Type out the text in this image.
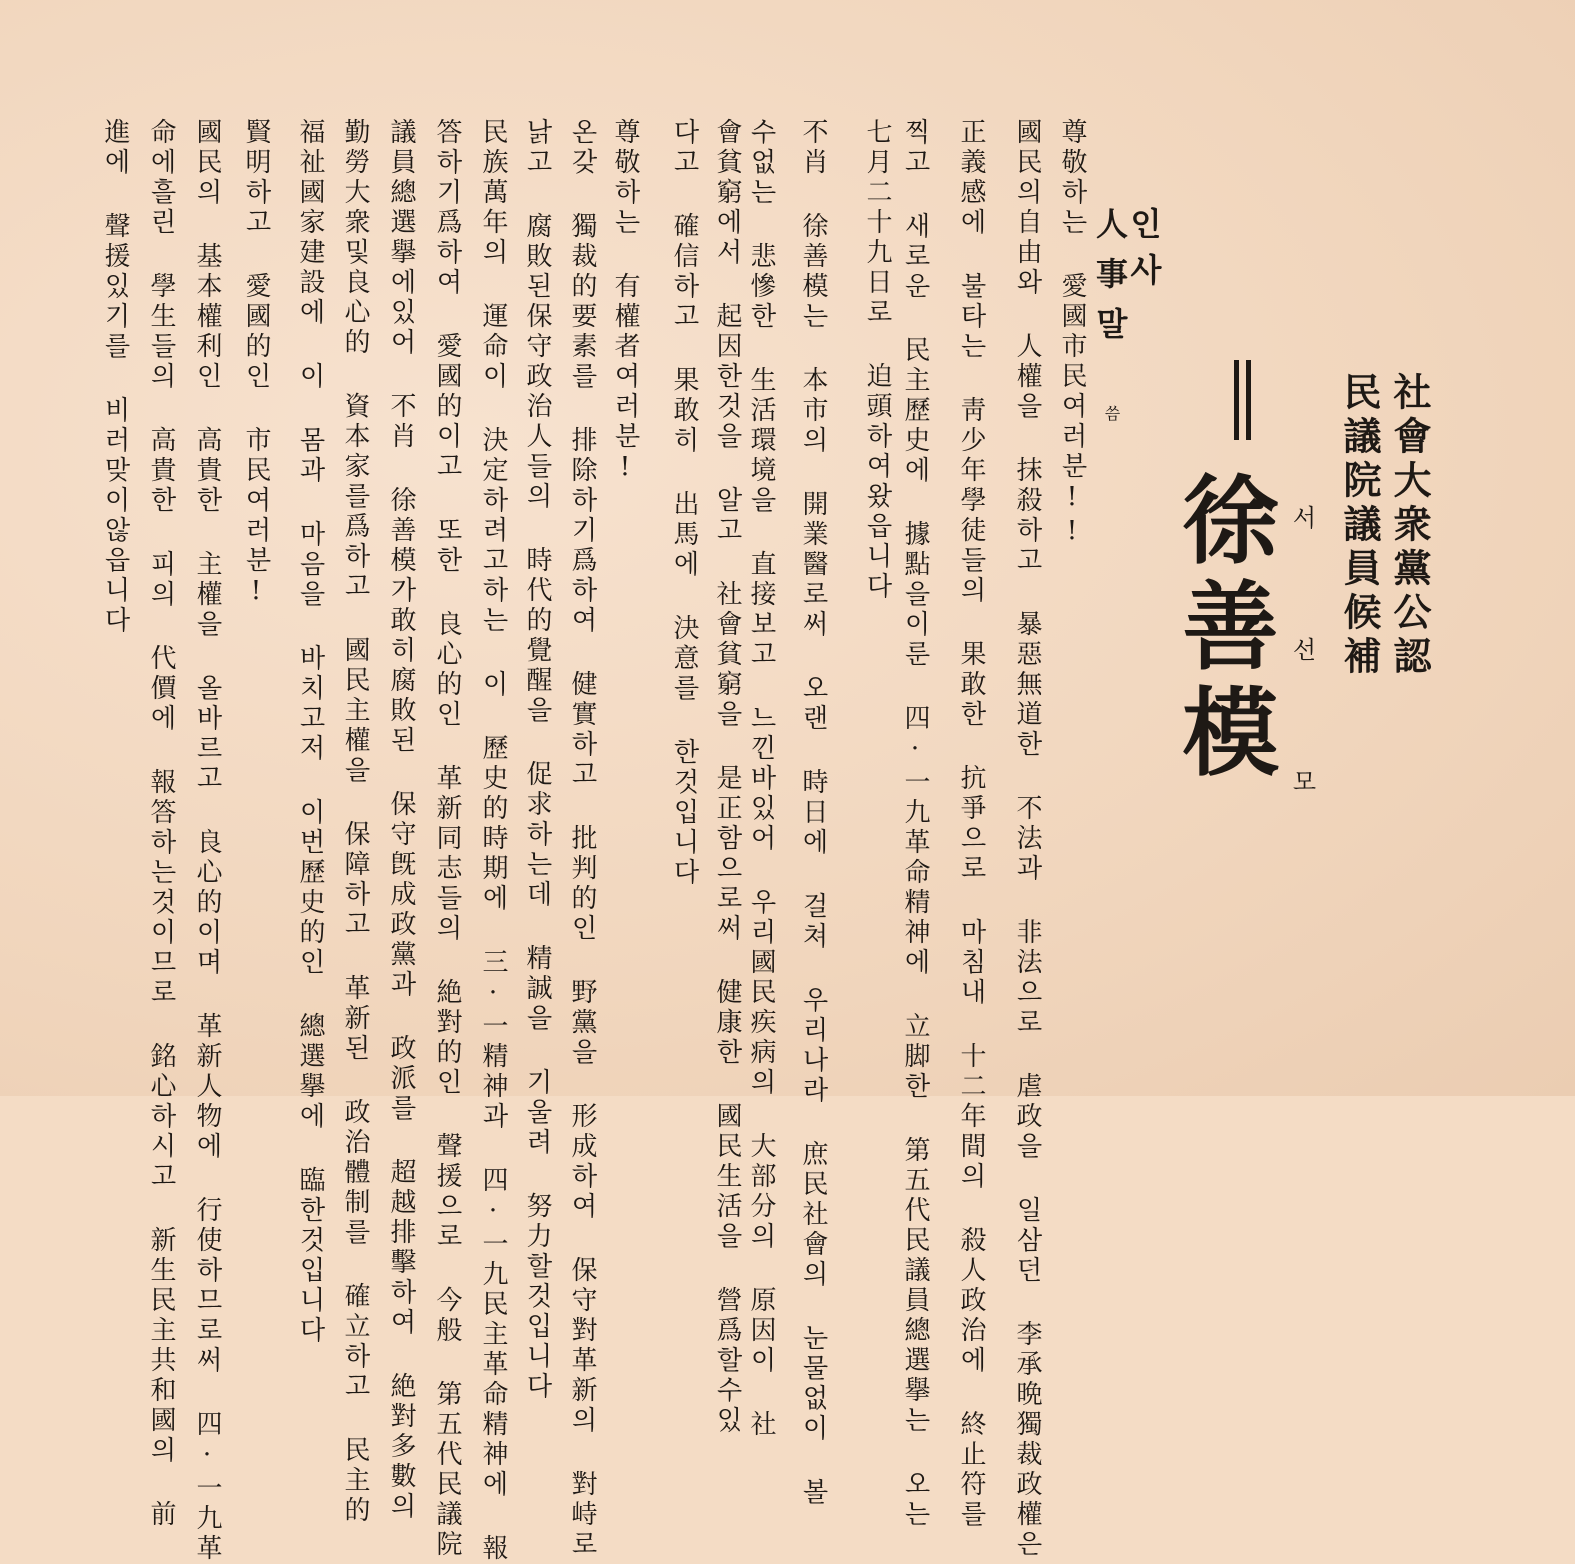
社會大衆黨公認
民議院議員候補
徐善模 서선모
인사
人事말
씀
尊敬하는 愛國市民여러분!!
國民의自由와 人權을 抹殺하고 暴惡無道한 不法과 非法으로 虐政을 일삼던 李承晩獨裁政權은
正義感에 불타는 靑少年學徒들의 果敢한 抗爭으로 마침내 十二年間의 殺人政治에 終止符를
찍고 새로운 民主歷史에 據點을이룬 四·一九革命精神에 立脚한 第五代民議員總選擧는 오는
七月二十九日로 迫頭하여왔읍니다
不肖 徐善模는 本市의 開業醫로써 오랜 時日에 걸쳐 우리나라 庶民社會의 눈물없이 볼
수없는 悲慘한 生活環境을 直接보고 느낀바있어 우리國民疾病의 大部分의 原因이 社
會貧窮에서 起因한것을 알고 社會貧窮을 是正함으로써 健康한 國民生活을 營爲할수있
다고 確信하고 果敢히 出馬에 決意를 한것입니다
尊敬하는 有權者여러분!
온갖 獨裁的要素를 排除하기爲하여 健實하고 批判的인 野黨을 形成하여 保守對革新의 對峙로
낡고 腐敗된保守政治人들의 時代的覺醒을 促求하는데 精誠을 기울려 努力할것입니다
民族萬年의 運命이 決定하려고하는 이 歷史的時期에 三·一精神과 四·一九民主革命精神에 報
答하기爲하여 愛國的이고 또한 良心的인 革新同志들의 絶對的인 聲援으로 今般 第五代民議院
議員總選擧에있어 不肖 徐善模가敢히腐敗된 保守旣成政黨과 政派를 超越排擊하여 絶對多數의
勤勞大衆및良心的 資本家를爲하고 國民主權을 保障하고 革新된 政治體制를 確立하고 民主的
福祉國家建設에 이 몸과 마음을 바치고저 이번歷史的인 總選擧에 臨한것입니다
賢明하고 愛國的인 市民여러분!
國民의 基本權利인 高貴한 主權을 올바르고 良心的이며 革新人物에 行使하므로써 四·一九革
命에흘린 學生들의 高貴한 피의 代價에 報答하는것이므로 銘心하시고 新生民主共和國의 前
進에 聲援있기를 비러맞이않읍니다
